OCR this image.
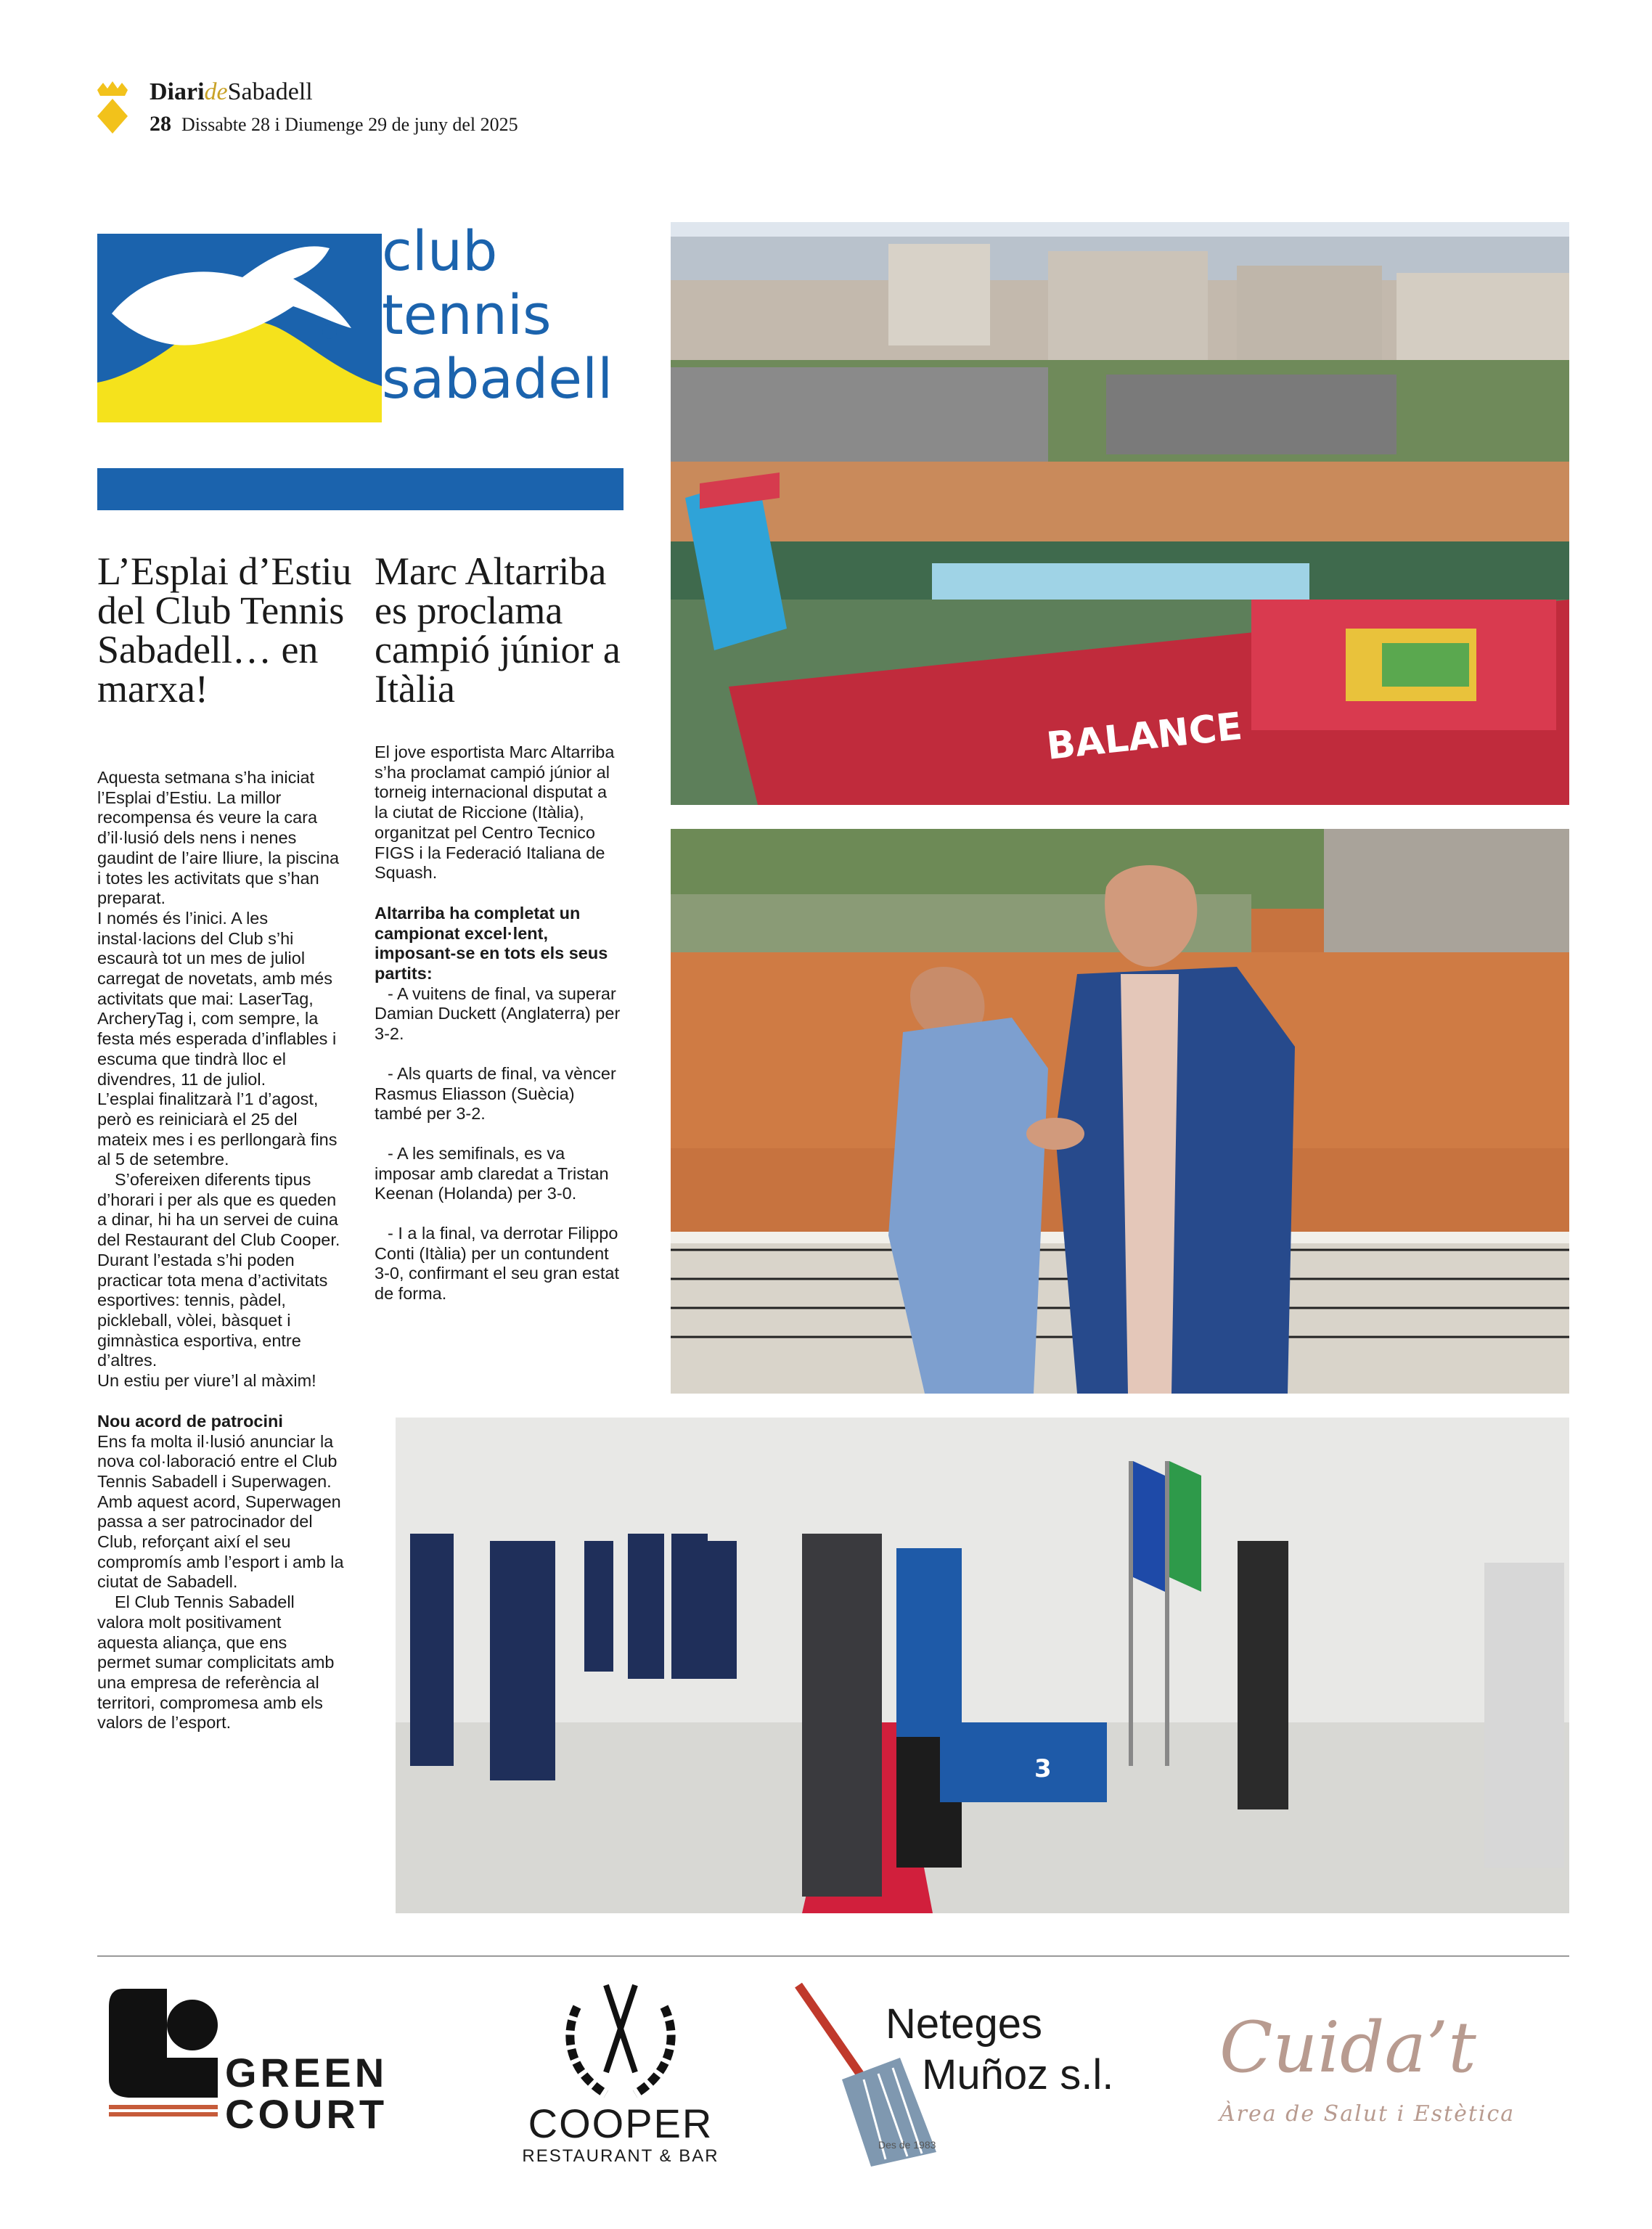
DiarideSabadell
28 Dissabte 28 i Diumenge 29 de juny del 2025
club
tennis
sabadell
L’Esplai d’Estiu del Club Tennis Sabadell… en marxa!

Aquesta setmana s’ha iniciat l’Esplai d’Estiu. La millor recompensa és veure la cara d’il·lusió dels nens i nenes gaudint de l’aire lliure, la piscina i totes les activitats que s’han preparat.

I només és l’inici. A les instal·lacions del Club s’hi escaurà tot un mes de juliol carregat de novetats, amb més activitats que mai: LaserTag, ArcheryTag i, com sempre, la festa més esperada d’inflables i escuma que tindrà lloc el divendres, 11 de juliol.

L’esplai finalitzarà l’1 d’agost, però es reiniciarà el 25 del mateix mes i es perllongarà fins al 5 de setembre.

S’ofereixen diferents tipus d’horari i per als que es queden a dinar, hi ha un servei de cuina del Restaurant del Club Cooper.

Durant l’estada s’hi poden practicar tota mena d’activitats esportives: tennis, pàdel, pickleball, vòlei, bàsquet i gimnàstica esportiva, entre d’altres.

Un estiu per viure’l al màxim!

Nou acord de patrocini

Ens fa molta il·lusió anunciar la nova col·laboració entre el Club Tennis Sabadell i Superwagen.

Amb aquest acord, Superwagen passa a ser patrocinador del Club, reforçant així el seu compromís amb l’esport i amb la ciutat de Sabadell.

El Club Tennis Sabadell valora molt positivament aquesta aliança, que ens permet sumar complicitats amb una empresa de referència al territori, compromesa amb els valors de l’esport.

Marc Altarriba es proclama campió júnior a Itàlia

El jove esportista Marc Altarriba s’ha proclamat campió júnior al torneig internacional disputat a la ciutat de Riccione (Itàlia), organitzat pel Centro Tecnico FIGS i la Federació Italiana de Squash.

Altarriba ha completat un campionat excel·lent, imposant-se en tots els seus partits:

- A vuitens de final, va superar Damian Duckett (Anglaterra) per 3-2.

- Als quarts de final, va vèncer Rasmus Eliasson (Suècia) també per 3-2.

- A les semifinals, es va imposar amb claredat a Tristan Keenan (Holanda) per 3-0.

- I a la final, va derrotar Filippo Conti (Itàlia) per un contundent 3-0, confirmant el seu gran estat de forma.

BALANCE
3
GREEN
COURT	COOPER
RESTAURANT & BAR
Des de 1983
Neteges
Muñoz s.l. Cuida’t
Àrea de Salut i Estètica
